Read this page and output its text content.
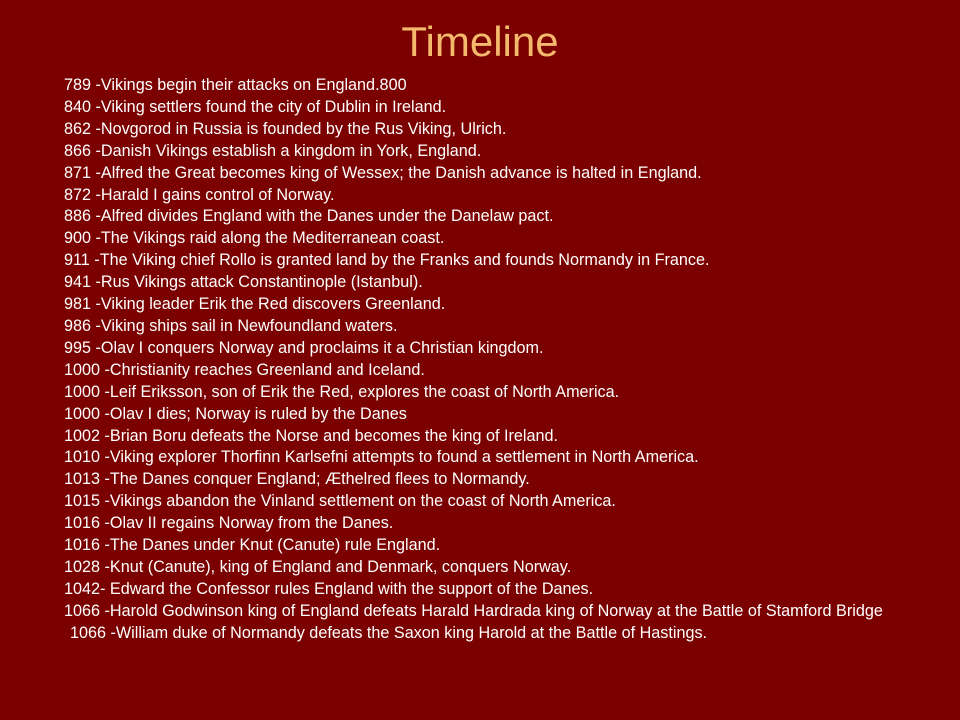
Timeline
789 -Vikings begin their attacks on England.800
840 -Viking settlers found the city of Dublin in Ireland.
862 -Novgorod in Russia is founded by the Rus Viking, Ulrich.
866 -Danish Vikings establish a kingdom in York, England.
871 -Alfred the Great becomes king of Wessex; the Danish advance is halted in England.
872 -Harald I gains control of Norway.
886 -Alfred divides England with the Danes under the Danelaw pact.
900 -The Vikings raid along the Mediterranean coast.
911 -The Viking chief Rollo is granted land by the Franks and founds Normandy in France.
941 -Rus Vikings attack Constantinople (Istanbul).
981 -Viking leader Erik the Red discovers Greenland.
986 -Viking ships sail in Newfoundland waters.
995 -Olav I conquers Norway and proclaims it a Christian kingdom.
1000 -Christianity reaches Greenland and Iceland.
1000 -Leif Eriksson, son of Erik the Red, explores the coast of North America.
1000 -Olav I dies; Norway is ruled by the Danes
1002 -Brian Boru defeats the Norse and becomes the king of Ireland.
1010 -Viking explorer Thorfinn Karlsefni attempts to found a settlement in North America.
1013 -The Danes conquer England; Æthelred flees to Normandy.
1015 -Vikings abandon the Vinland settlement on the coast of North America.
1016 -Olav II regains Norway from the Danes.
1016 -The Danes under Knut (Canute) rule England.
1028 -Knut (Canute), king of England and Denmark, conquers Norway.
1042- Edward the Confessor rules England with the support of the Danes.
1066 -Harold Godwinson king of England defeats Harald Hardrada king of Norway at the Battle of Stamford Bridge
1066 -William duke of Normandy defeats the Saxon king Harold at the Battle of Hastings.
